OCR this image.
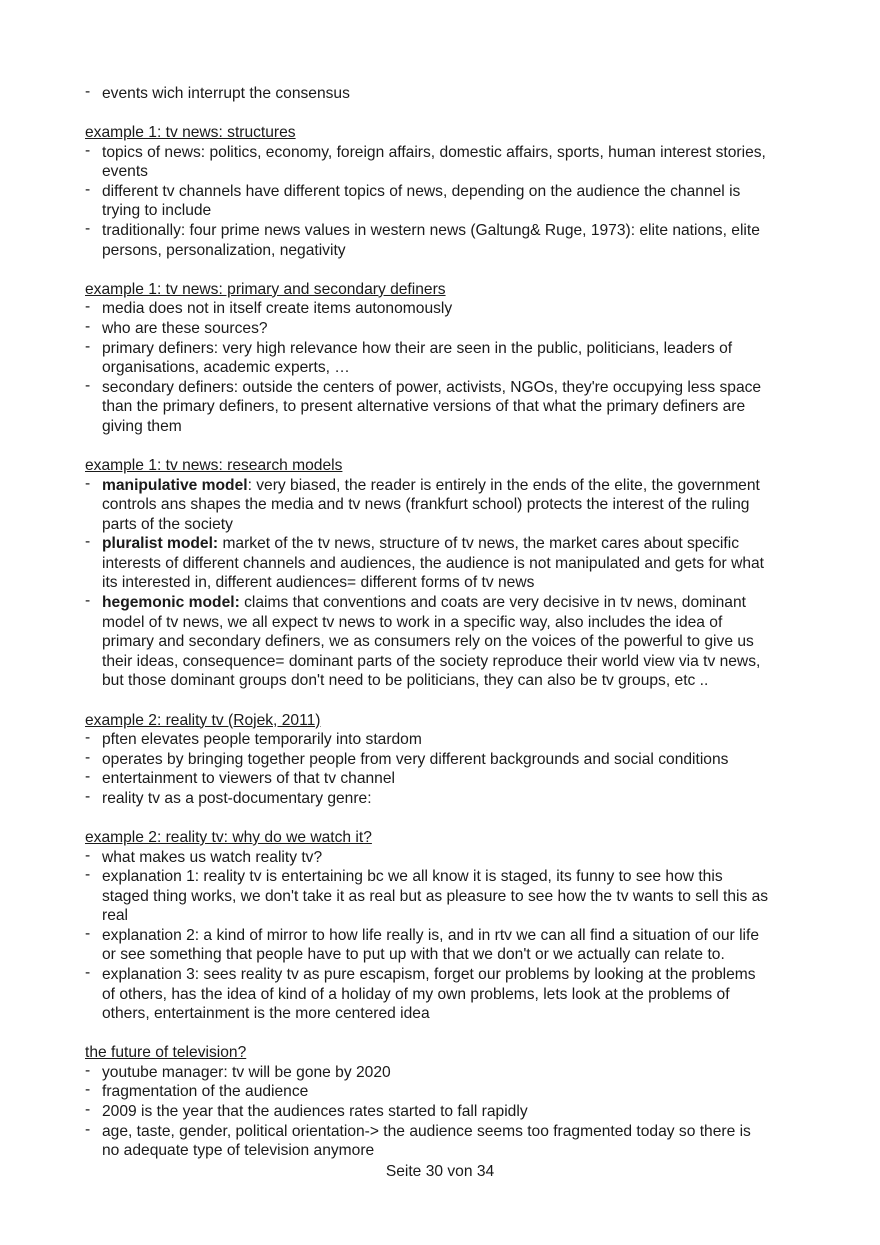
- events wich interrupt the consensus
example 1: tv news: structures
- topics of news: politics, economy, foreign affairs, domestic affairs, sports, human interest stories,
events
- different tv channels have different topics of news, depending on the audience the channel is
trying to include
- traditionally: four prime news values in western news (Galtung& Ruge, 1973): elite nations, elite
persons, personalization, negativity
example 1: tv news: primary and secondary definers
- media does not in itself create items autonomously
- who are these sources?
- primary definers: very high relevance how their are seen in the public, politicians, leaders of
organisations, academic experts, …
- secondary definers: outside the centers of power, activists, NGOs, they're occupying less space
than the primary definers, to present alternative versions of that what the primary definers are
giving them
example 1: tv news: research models
- manipulative model: very biased, the reader is entirely in the ends of the elite, the government
controls ans shapes the media and tv news (frankfurt school) protects the interest of the ruling
parts of the society
- pluralist model: market of the tv news, structure of tv news, the market cares about specific
interests of different channels and audiences, the audience is not manipulated and gets for what
its interested in, different audiences= different forms of tv news
- hegemonic model: claims that conventions and coats are very decisive in tv news, dominant
model of tv news, we all expect tv news to work in a specific way, also includes the idea of
primary and secondary definers, we as consumers rely on the voices of the powerful to give us
their ideas, consequence= dominant parts of the society reproduce their world view via tv news,
but those dominant groups don't need to be politicians, they can also be tv groups, etc ..
example 2: reality tv (Rojek, 2011)
- pften elevates people temporarily into stardom
- operates by bringing together people from very different backgrounds and social conditions
- entertainment to viewers of that tv channel
- reality tv as a post-documentary genre:
example 2: reality tv: why do we watch it?
- what makes us watch reality tv?
- explanation 1: reality tv is entertaining bc we all know it is staged, its funny to see how this
staged thing works, we don't take it as real but as pleasure to see how the tv wants to sell this as
real
- explanation 2: a kind of mirror to how life really is, and in rtv we can all find a situation of our life
or see something that people have to put up with that we don't or we actually can relate to.
- explanation 3: sees reality tv as pure escapism, forget our problems by looking at the problems
of others, has the idea of kind of a holiday of my own problems, lets look at the problems of
others, entertainment is the more centered idea
the future of television?
- youtube manager: tv will be gone by 2020
- fragmentation of the audience
- 2009 is the year that the audiences rates started to fall rapidly
- age, taste, gender, political orientation-> the audience seems too fragmented today so there is
no adequate type of television anymore
Seite 30 von 34
